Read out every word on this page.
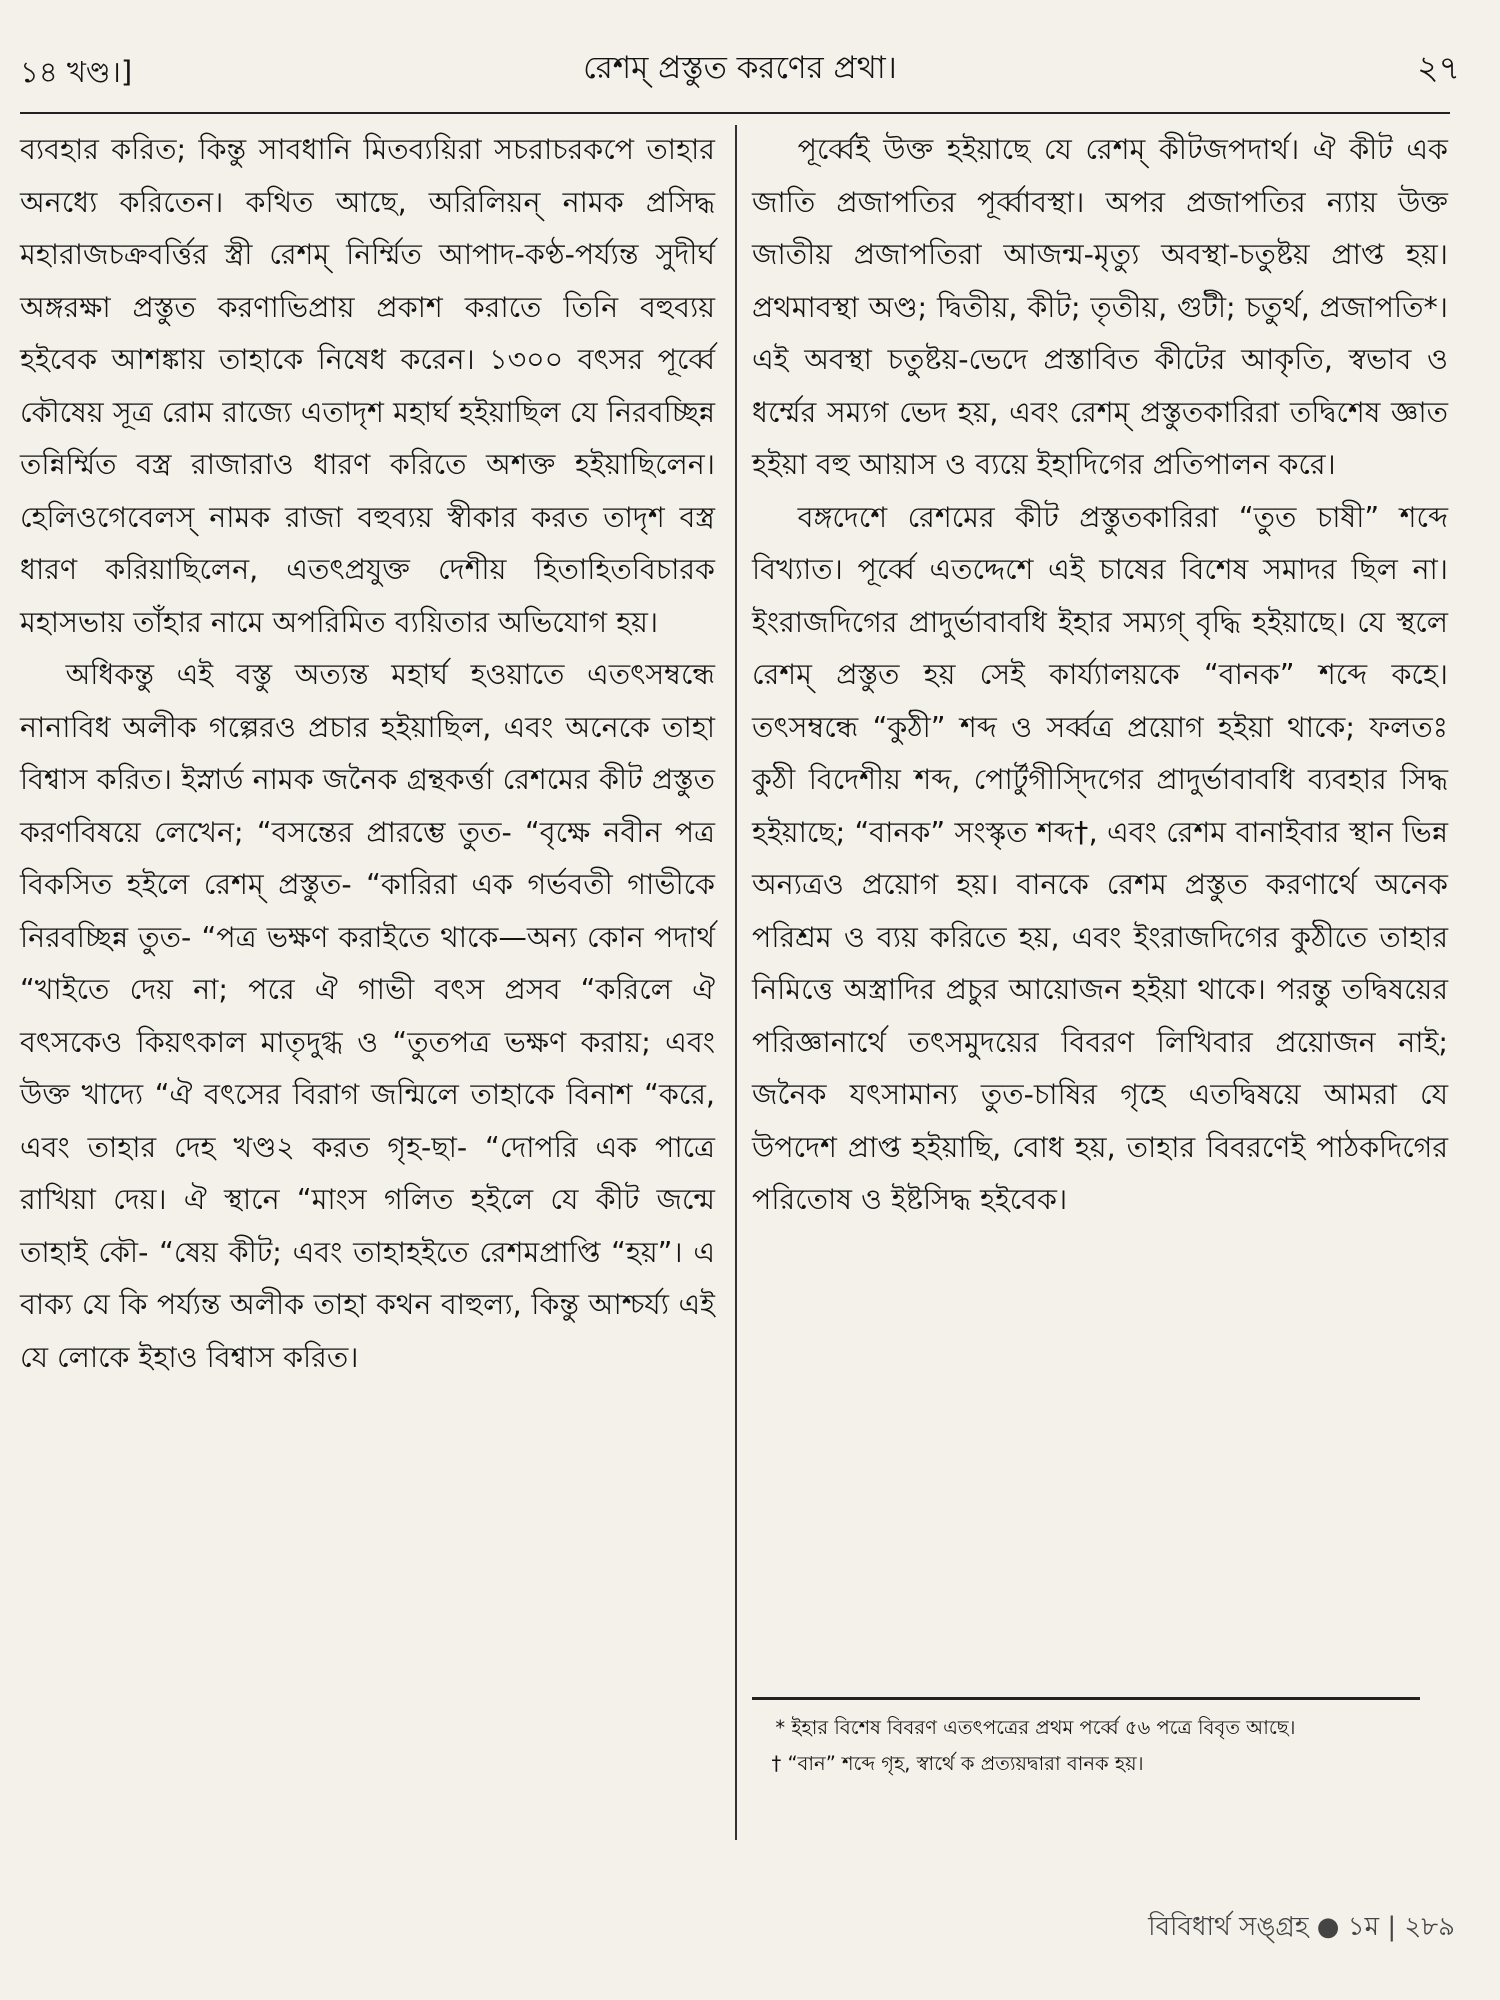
১৪ খণ্ড।]	রেশম্ প্রস্তুত করণের প্রথা।	২৭

ব্যবহার করিত; কিন্তু সাবধানি মিতব্যয়িরা সচরাচরকপে তাহার অনধ্যে করিতেন। কথিত আছে, অরিলিয়ন্ নামক প্রসিদ্ধ মহারাজচক্রবর্ত্তির স্ত্রী রেশম্ নির্ম্মিত আপাদ-কণ্ঠ-পর্য্যন্ত সুদীর্ঘ অঙ্গরক্ষা প্রস্তুত করণাভিপ্রায় প্রকাশ করাতে তিনি বহুব্যয় হইবেক আশঙ্কায় তাহাকে নিষেধ করেন। ১৩০০ বৎসর পূর্ব্বে কৌষেয় সূত্র রোম রাজ্যে এতাদৃশ মহার্ঘ হইয়াছিল যে নিরবচ্ছিন্ন তন্নির্ম্মিত বস্ত্র রাজারাও ধারণ করিতে অশক্ত হইয়াছিলেন। হেলিওগেবেলস্ নামক রাজা বহুব্যয় স্বীকার করত তাদৃশ বস্ত্র ধারণ করিয়াছিলেন, এতৎপ্রযুক্ত দেশীয় হিতাহিতবিচারক মহাসভায় তাঁহার নামে অপরিমিত ব্যয়িতার অভিযোগ হয়।

অধিকন্তু এই বস্তু অত্যন্ত মহার্ঘ হওয়াতে এতৎসম্বন্ধে নানাবিধ অলীক গল্পেরও প্রচার হইয়াছিল, এবং অনেকে তাহা বিশ্বাস করিত। ইস্নার্ড নামক জনৈক গ্রন্থকর্ত্তা রেশমের কীট প্রস্তুত করণবিষয়ে লেখেন; “বসন্তের প্রারম্ভে তুত- “বৃক্ষে নবীন পত্র বিকসিত হইলে রেশম্ প্রস্তুত- “কারিরা এক গর্ভবতী গাভীকে নিরবচ্ছিন্ন তুত- “পত্র ভক্ষণ করাইতে থাকে—অন্য কোন পদার্থ “খাইতে দেয় না; পরে ঐ গাভী বৎস প্রসব “করিলে ঐ বৎসকেও কিয়ৎকাল মাতৃদুগ্ধ ও “তুতপত্র ভক্ষণ করায়; এবং উক্ত খাদ্যে “ঐ বৎসের বিরাগ জন্মিলে তাহাকে বিনাশ “করে, এবং তাহার দেহ খণ্ড২ করত গৃহ-ছা- “দোপরি এক পাত্রে রাখিয়া দেয়। ঐ স্থানে “মাংস গলিত হইলে যে কীট জন্মে তাহাই কৌ- “ষেয় কীট; এবং তাহাহইতে রেশমপ্রাপ্তি “হয়”। এ বাক্য যে কি পর্য্যন্ত অলীক তাহা কথন বাহুল্য, কিন্তু আশ্চর্য্য এই যে লোকে ইহাও বিশ্বাস করিত।

পূর্ব্বেই উক্ত হইয়াছে যে রেশম্ কীটজপদার্থ। ঐ কীট এক জাতি প্রজাপতির পূর্ব্বাবস্থা। অপর প্রজাপতির ন্যায় উক্ত জাতীয় প্রজাপতিরা আজন্ম-মৃত্যু অবস্থা-চতুষ্টয় প্রাপ্ত হয়। প্রথমাবস্থা অণ্ড; দ্বিতীয়, কীট; তৃতীয়, গুটী; চতুর্থ, প্রজাপতি*। এই অবস্থা চতুষ্টয়-ভেদে প্রস্তাবিত কীটের আকৃতি, স্বভাব ও ধর্ম্মের সম্যগ ভেদ হয়, এবং রেশম্ প্রস্তুতকারিরা তদ্বিশেষ জ্ঞাত হইয়া বহু আয়াস ও ব্যয়ে ইহাদিগের প্রতিপালন করে।

বঙ্গদেশে রেশমের কীট প্রস্তুতকারিরা “তুত চাষী” শব্দে বিখ্যাত। পূর্ব্বে এতদ্দেশে এই চাষের বিশেষ সমাদর ছিল না। ইংরাজদিগের প্রাদুর্ভাবাবধি ইহার সম্যগ্ বৃদ্ধি হইয়াছে। যে স্থলে রেশম্ প্রস্তুত হয় সেই কার্য্যালয়কে “বানক” শব্দে কহে। তৎসম্বন্ধে “কুঠী” শব্দ ও সর্ব্বত্র প্রয়োগ হইয়া থাকে; ফলতঃ কুঠী বিদেশীয় শব্দ, পোর্টুগীস্দিগের প্রাদুর্ভাবাবধি ব্যবহার সিদ্ধ হইয়াছে; “বানক” সংস্কৃত শব্দ†, এবং রেশম বানাইবার স্থান ভিন্ন অন্যত্রও প্রয়োগ হয়। বানকে রেশম প্রস্তুত করণার্থে অনেক পরিশ্রম ও ব্যয় করিতে হয়, এবং ইংরাজদিগের কুঠীতে তাহার নিমিত্তে অস্ত্রাদির প্রচুর আয়োজন হইয়া থাকে। পরন্তু তদ্বিষয়ের পরিজ্ঞানার্থে তৎসমুদয়ের বিবরণ লিখিবার প্রয়োজন নাই; জনৈক যৎসামান্য তুত-চাষির গৃহে এতদ্বিষয়ে আমরা যে উপদেশ প্রাপ্ত হইয়াছি, বোধ হয়, তাহার বিবরণেই পাঠকদিগের পরিতোষ ও ইষ্টসিদ্ধ হইবেক।

* ইহার বিশেষ বিবরণ এতৎপত্রের প্রথম পর্ব্বে ৫৬ পত্রে বিবৃত আছে।

† “বান” শব্দে গৃহ, স্বার্থে ক প্রত্যয়দ্বারা বানক হয়।

বিবিধার্থ সঙ্গ্রহ ● ১ম | ২৮৯
